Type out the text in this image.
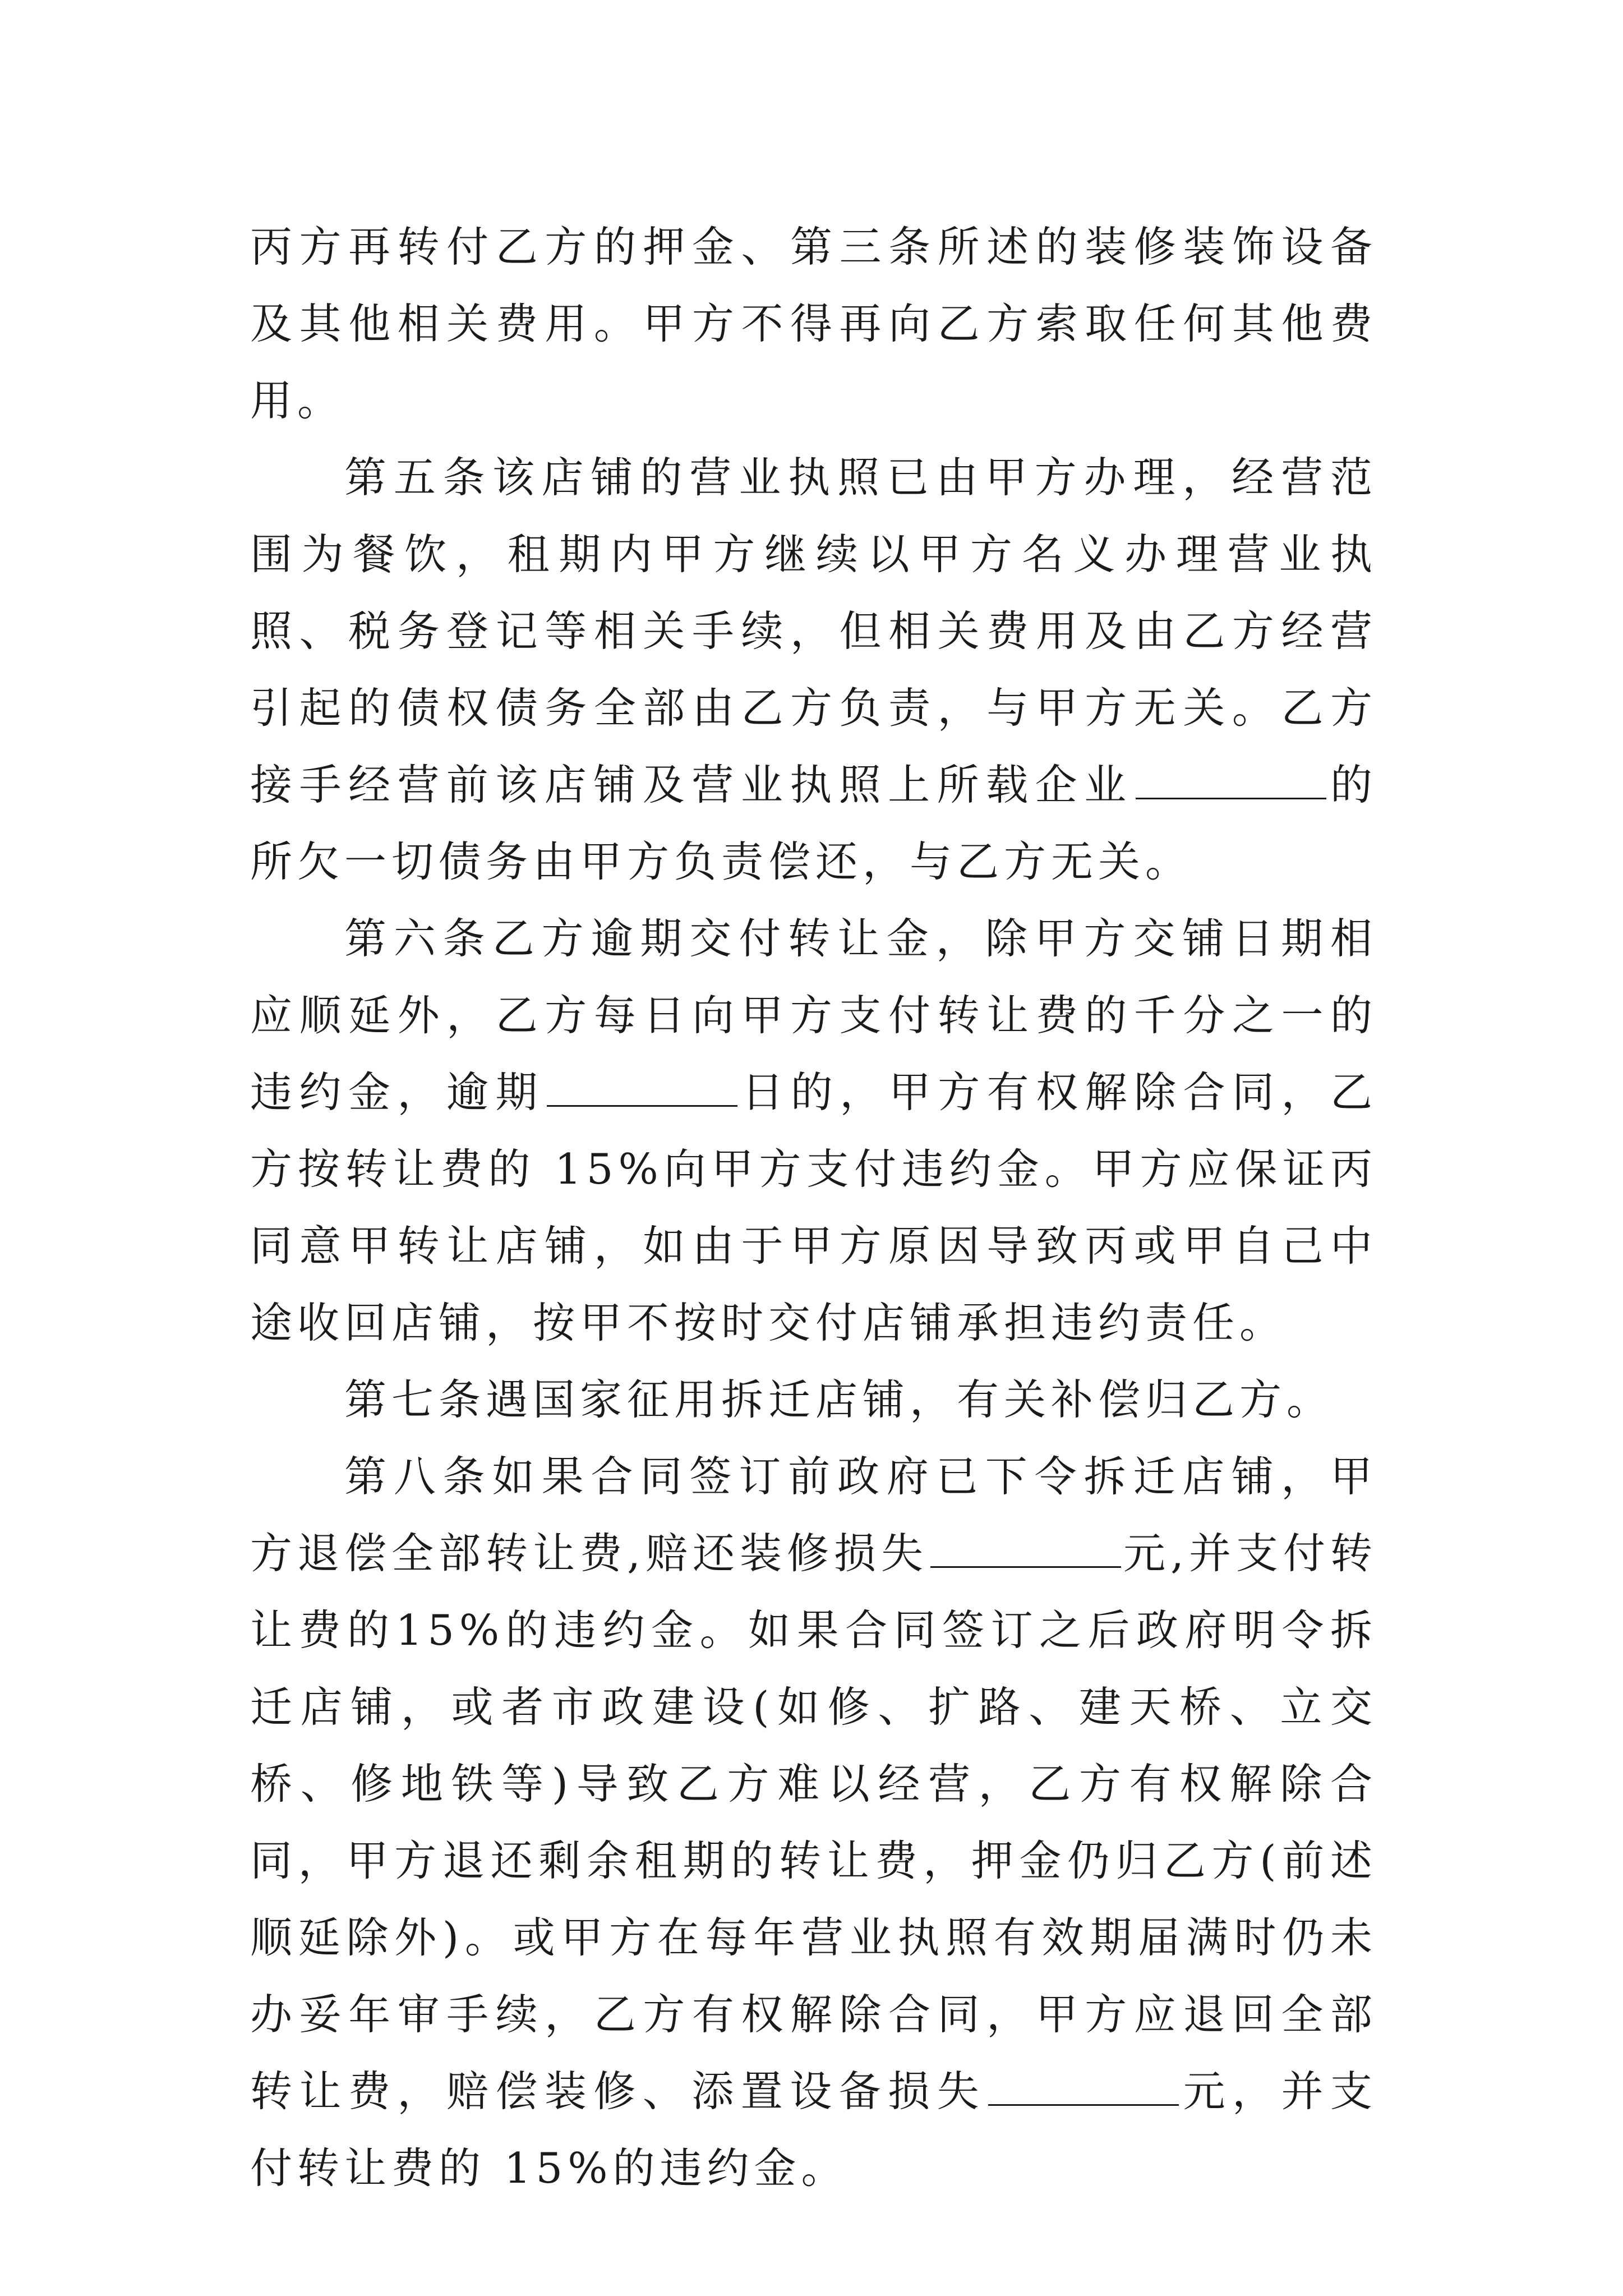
丙方再转付乙方的押金、第三条所述的装修装饰设备及其他相关费用。甲方不得再向乙方索取任何其他费用。

第五条该店铺的营业执照已由甲方办理，经营范围为餐饮，租期内甲方继续以甲方名义办理营业执照、税务登记等相关手续，但相关费用及由乙方经营引起的债权债务全部由乙方负责，与甲方无关。乙方接手经营前该店铺及营业执照上所载企业	的所欠一切债务由甲方负责偿还，与乙方无关。

第六条乙方逾期交付转让金，除甲方交铺日期相应顺延外，乙方每日向甲方支付转让费的千分之一的违约金，逾期	日的，甲方有权解除合同，乙方按转让费的 15%向甲方支付违约金。甲方应保证丙同意甲转让店铺，如由于甲方原因导致丙或甲自己中途收回店铺，按甲不按时交付店铺承担违约责任。

第七条遇国家征用拆迁店铺，有关补偿归乙方。

第八条如果合同签订前政府已下令拆迁店铺，甲方退偿全部转让费,赔还装修损失	元,并支付转让费的15%的违约金。如果合同签订之后政府明令拆迁店铺，或者市政建设(如修、扩路、建天桥、立交桥、修地铁等)导致乙方难以经营，乙方有权解除合同，甲方退还剩余租期的转让费，押金仍归乙方(前述顺延除外)。或甲方在每年营业执照有效期届满时仍未办妥年审手续，乙方有权解除合同，甲方应退回全部转让费，赔偿装修、添置设备损失	元，并支付转让费的 15%的违约金。
